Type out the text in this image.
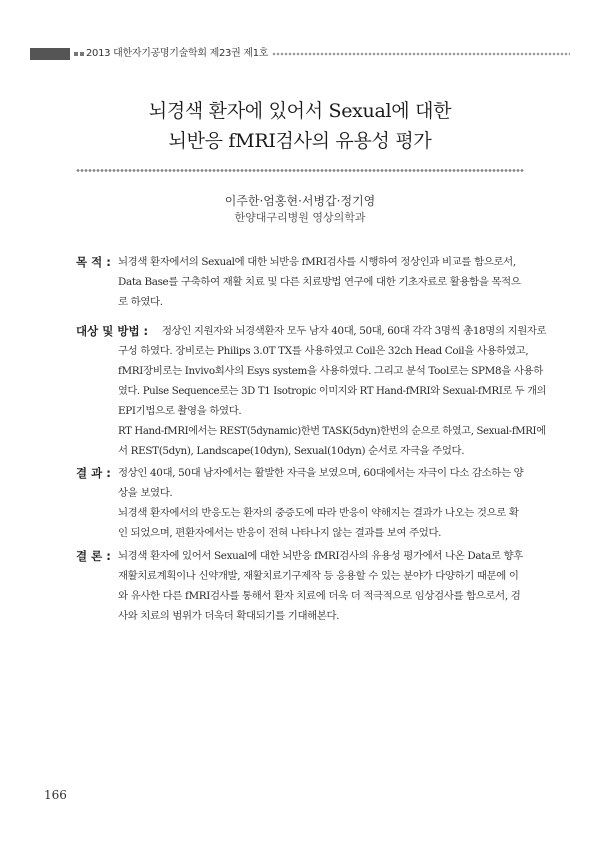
2013 대한자기공명기술학회 제23권 제1호
뇌경색 환자에 있어서 Sexual에 대한
뇌반응 fMRI검사의 유용성 평가
이주한·엄홍현·서병갑·정기영
한양대구리병원 영상의학과
목 적 : 뇌경색 환자에서의 Sexual에 대한 뇌반응 fMRI검사를 시행하여 정상인과 비교를 함으로서,
Data Base를 구축하여 재활 치료 및 다른 치료방법 연구에 대한 기초자료로 활용함을 목적으
로 하였다.
대상 및 방법 : 정상인 지원자와 뇌경색환자 모두 남자 40대, 50대, 60대 각각 3명씩 총18명의 지원자로
구성 하였다. 장비로는 Philips 3.0T TX를 사용하였고 Coil은 32ch Head Coil을 사용하였고,
fMRI장비로는 Invivo회사의 Esys system을 사용하였다. 그리고 분석 Tool로는 SPM8을 사용하
였다. Pulse Sequence로는 3D T1 Isotropic 이미지와 RT Hand-fMRI와 Sexual-fMRI로 두 개의
EPI기법으로 촬영을 하였다.
RT Hand-fMRI에서는 REST(5dynamic)한번 TASK(5dyn)한번의 순으로 하였고, Sexual-fMRI에
서 REST(5dyn), Landscape(10dyn), Sexual(10dyn) 순서로 자극을 주었다.
결 과 : 정상인 40대, 50대 남자에서는 활발한 자극을 보였으며, 60대에서는 자극이 다소 감소하는 양
상을 보였다.
뇌경색 환자에서의 반응도는 환자의 중증도에 따라 반응이 약해지는 결과가 나오는 것으로 확
인 되었으며, 편환자에서는 반응이 전혀 나타나지 않는 결과를 보여 주었다.
결 론 : 뇌경색 환자에 있어서 Sexual에 대한 뇌반응 fMRI검사의 유용성 평가에서 나온 Data로 향후
재활치료계획이나 신약개발, 재활치료기구제작 등 응용할 수 있는 분야가 다양하기 때문에 이
와 유사한 다른 fMRI검사를 통해서 환자 치료에 더욱 더 적극적으로 임상검사를 함으로서, 검
사와 치료의 범위가 더욱더 확대되기를 기대해본다.
166
